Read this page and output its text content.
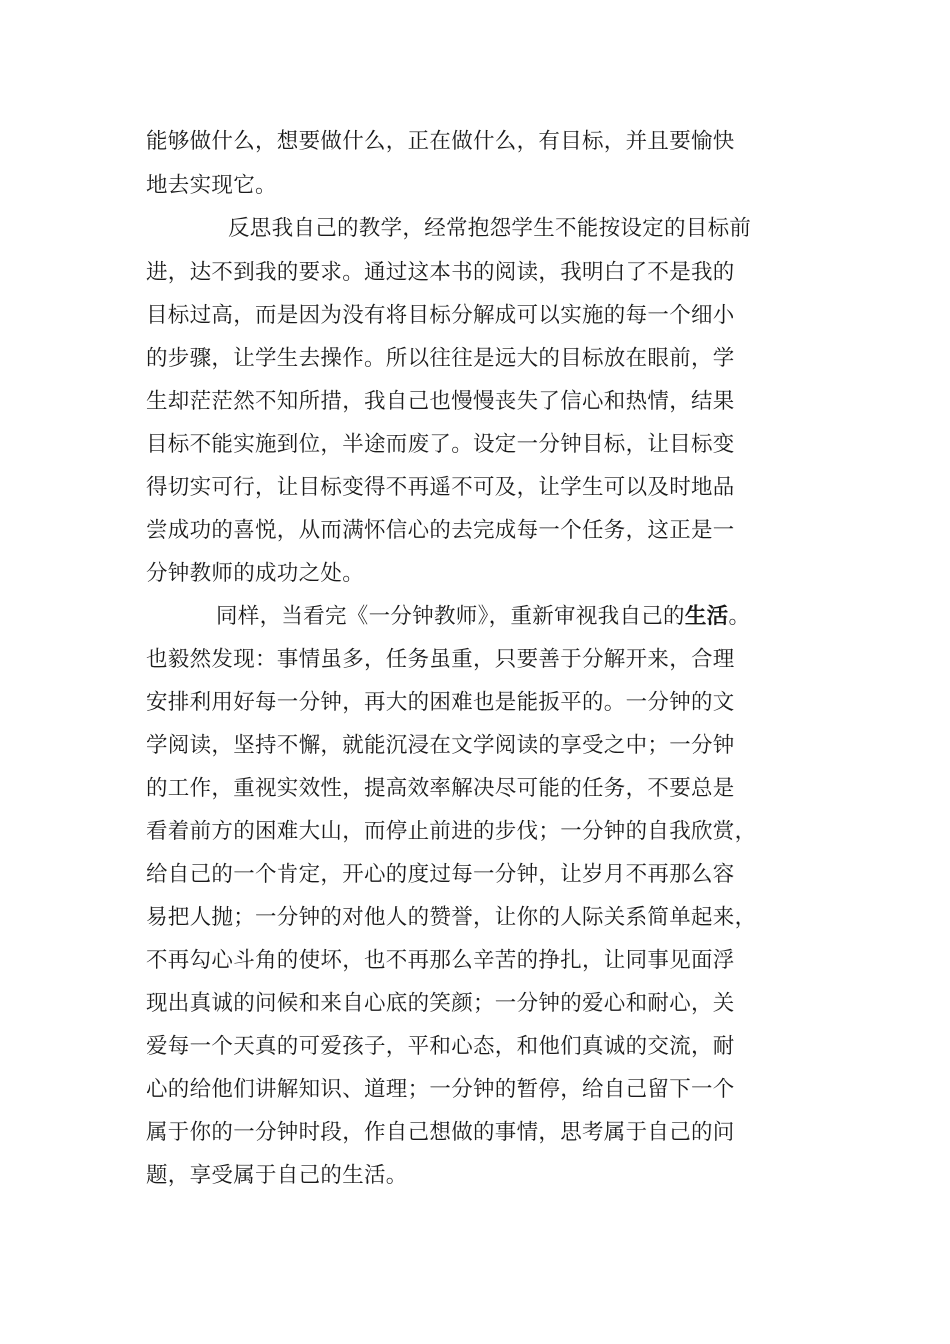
能够做什么，想要做什么，正在做什么，有目标，并且要愉快
地去实现它。
反思我自己的教学，经常抱怨学生不能按设定的目标前
进，达不到我的要求。通过这本书的阅读，我明白了不是我的
目标过高，而是因为没有将目标分解成可以实施的每一个细小
的步骤，让学生去操作。所以往往是远大的目标放在眼前，学
生却茫茫然不知所措，我自己也慢慢丧失了信心和热情，结果
目标不能实施到位，半途而废了。设定一分钟目标，让目标变
得切实可行，让目标变得不再遥不可及，让学生可以及时地品
尝成功的喜悦，从而满怀信心的去完成每一个任务，这正是一
分钟教师的成功之处。
同样，当看完《一分钟教师》，重新审视我自己的生活。
也毅然发现：事情虽多，任务虽重，只要善于分解开来，合理
安排利用好每一分钟，再大的困难也是能扳平的。一分钟的文
学阅读，坚持不懈，就能沉浸在文学阅读的享受之中；一分钟
的工作，重视实效性，提高效率解决尽可能的任务，不要总是
看着前方的困难大山，而停止前进的步伐；一分钟的自我欣赏，
给自己的一个肯定，开心的度过每一分钟，让岁月不再那么容
易把人抛；一分钟的对他人的赞誉，让你的人际关系简单起来，
不再勾心斗角的使坏，也不再那么辛苦的挣扎，让同事见面浮
现出真诚的问候和来自心底的笑颜；一分钟的爱心和耐心，关
爱每一个天真的可爱孩子，平和心态，和他们真诚的交流，耐
心的给他们讲解知识、道理；一分钟的暂停，给自己留下一个
属于你的一分钟时段，作自己想做的事情，思考属于自己的问
题，享受属于自己的生活。
